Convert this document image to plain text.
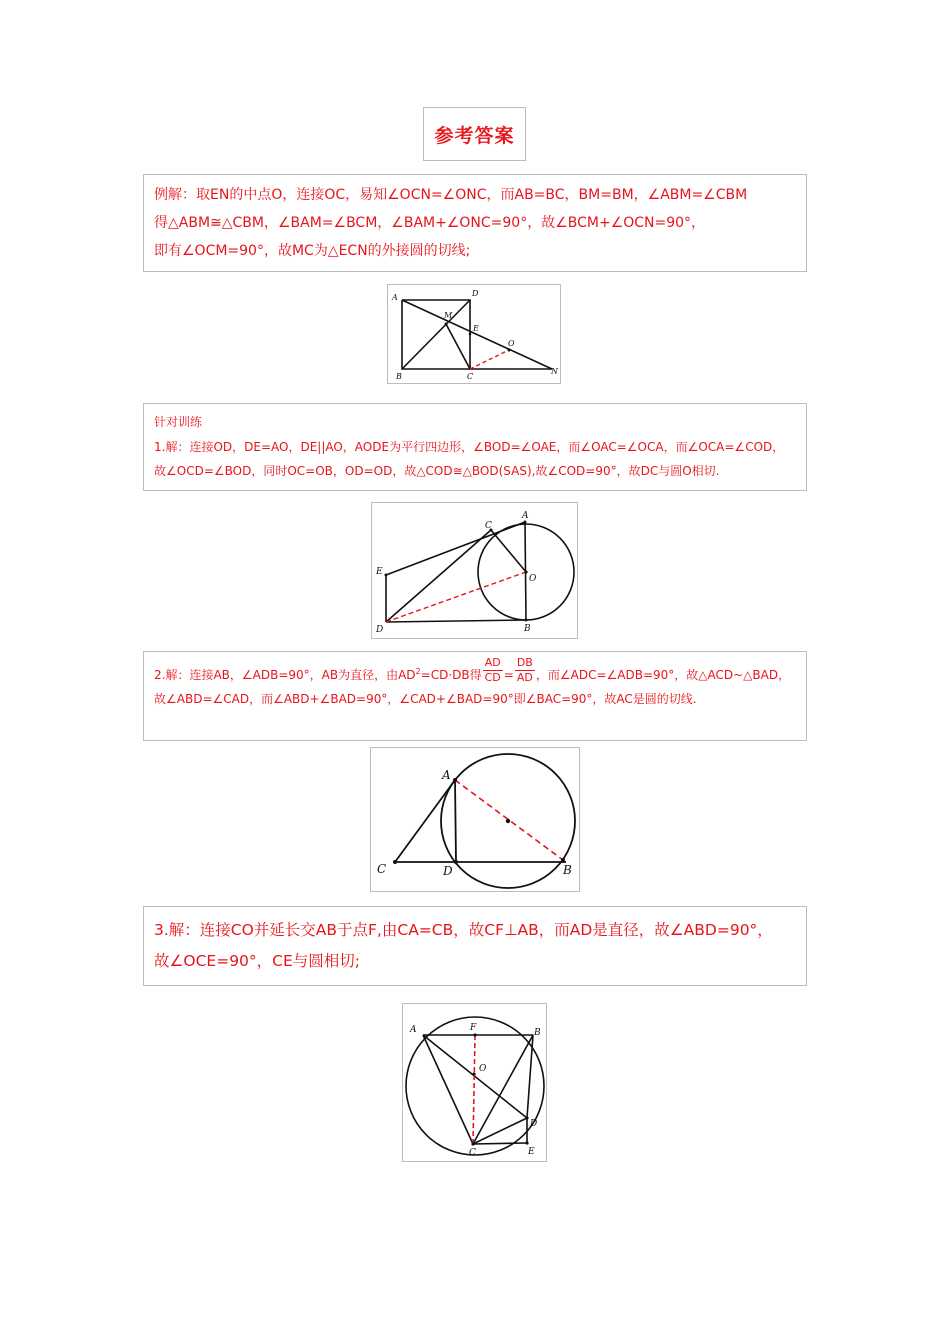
参考答案

例解：取EN的中点O，连接OC，易知∠OCN=∠ONC，而AB=BC，BM=BM，∠ABM=∠CBM

得△ABM≅△CBM，∠BAM=∠BCM，∠BAM+∠ONC=90°，故∠BCM+∠OCN=90°，

即有∠OCM=90°，故MC为△ECN的外接圆的切线;

A	D
M
E
O
B	C
N

针对训练

1.解：连接OD，DE=AO，DE||AO，AODE为平行四边形，∠BOD=∠OAE，而∠OAC=∠OCA，而∠OCA=∠COD，

故∠OCD=∠BOD，同时OC=OB，OD=OD，故△COD≅△BOD(SAS),故∠COD=90°，故DC与圆O相切.

C
A
E
O
D	B

2.解：连接AB，∠ADB=90°，AB为直径，由$AD^2=CD\cdot DB$得 $\frac{AD}{CD} = \frac{DB}{AD}$ ，而∠ADC=∠ADB=90°，故△ACD~△BAD，

故∠ABD=∠CAD，而∠ABD+∠BAD=90°，∠CAD+∠BAD=90°即∠BAC=90°，故AC是圆的切线.

A
C	D	B

3.解：连接CO并延长交AB于点F,由CA=CB，故CF⊥AB，而AD是直径，故∠ABD=90°，

故∠OCE=90°，CE与圆相切;

A	F	B
O
D
C	E
